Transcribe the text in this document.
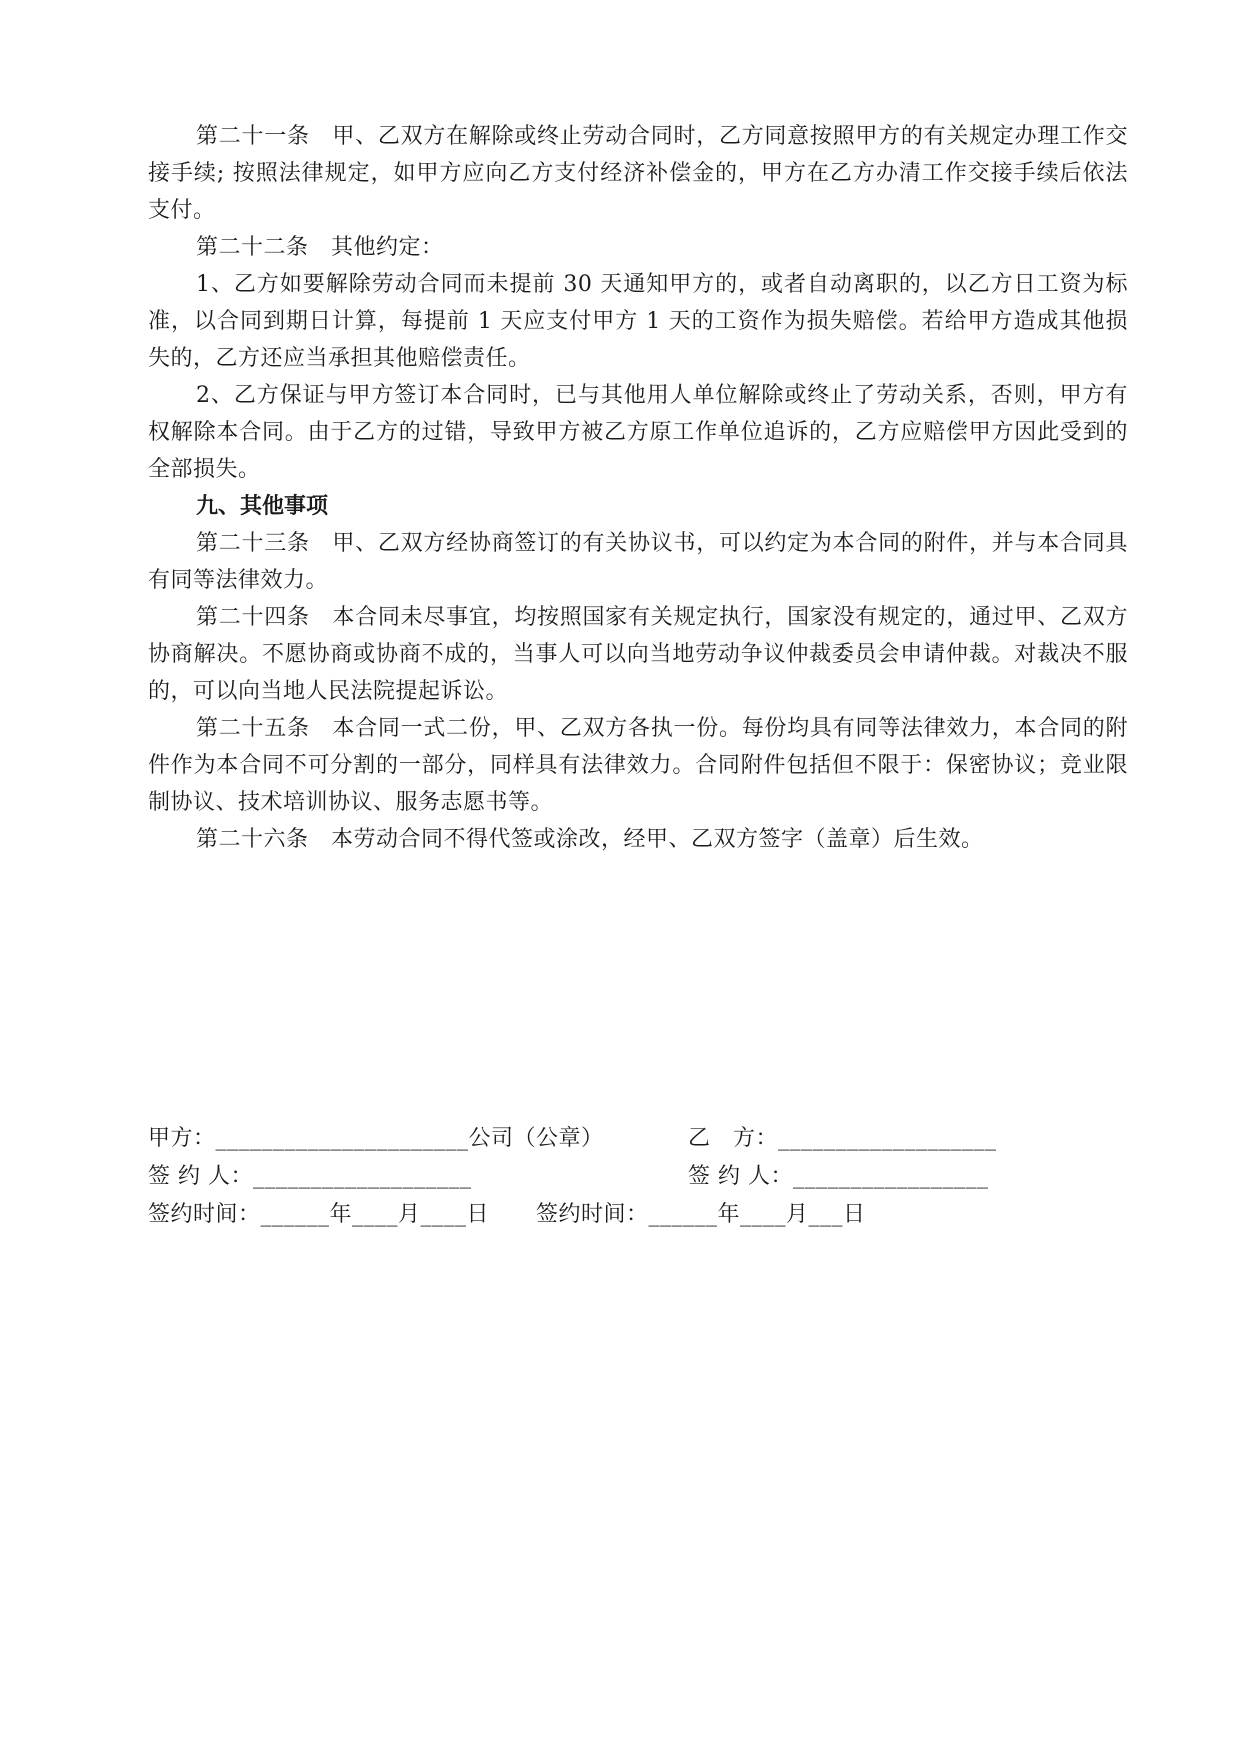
第二十一条　甲、乙双方在解除或终止劳动合同时，乙方同意按照甲方的有关规定办理工作交接手续; 按照法律规定，如甲方应向乙方支付经济补偿金的，甲方在乙方办清工作交接手续后依法支付。

第二十二条　其他约定：

1、乙方如要解除劳动合同而未提前 30 天通知甲方的，或者自动离职的，以乙方日工资为标准，以合同到期日计算，每提前 1 天应支付甲方 1 天的工资作为损失赔偿。若给甲方造成其他损失的，乙方还应当承担其他赔偿责任。

2、乙方保证与甲方签订本合同时，已与其他用人单位解除或终止了劳动关系，否则，甲方有权解除本合同。由于乙方的过错，导致甲方被乙方原工作单位追诉的，乙方应赔偿甲方因此受到的全部损失。

九、其他事项

第二十三条　甲、乙双方经协商签订的有关协议书，可以约定为本合同的附件，并与本合同具有同等法律效力。

第二十四条　本合同未尽事宜，均按照国家有关规定执行，国家没有规定的，通过甲、乙双方协商解决。不愿协商或协商不成的，当事人可以向当地劳动争议仲裁委员会申请仲裁。对裁决不服的，可以向当地人民法院提起诉讼。

第二十五条　本合同一式二份，甲、乙双方各执一份。每份均具有同等法律效力，本合同的附件作为本合同不可分割的一部分，同样具有法律效力。合同附件包括但不限于：保密协议；竞业限制协议、技术培训协议、服务志愿书等。

第二十六条　本劳动合同不得代签或涂改，经甲、乙双方签字（盖章）后生效。

甲方：______________________公司（公章）	乙　方：___________________
签 约 人：___________________	签 约 人：_________________
签约时间：______年____月____日 签约时间：______年____月___日
